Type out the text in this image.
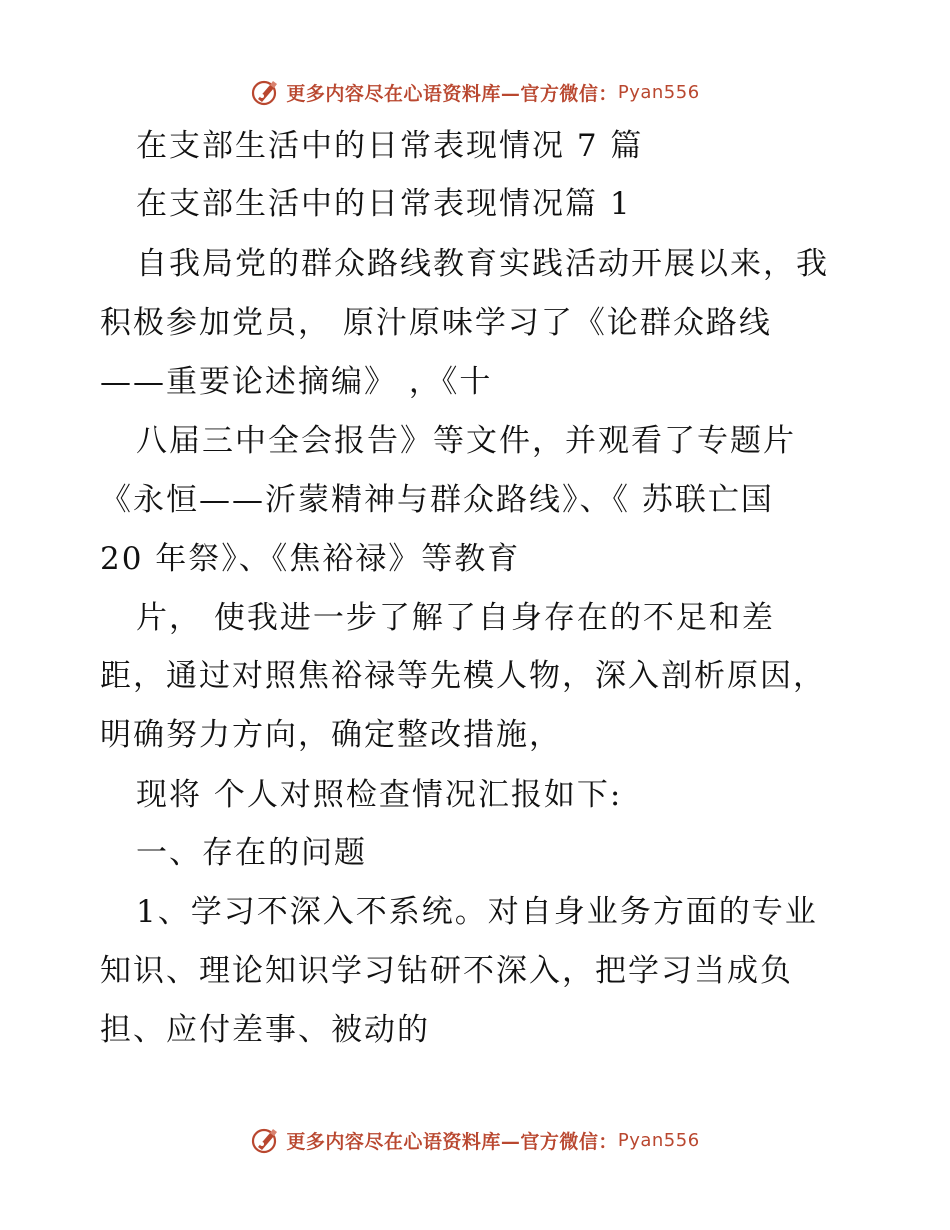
更多内容尽在心语资料库—官方微信： Pyan556
在支部生活中的日常表现情况 7 篇
在支部生活中的日常表现情况篇 1
自我局党的群众路线教育实践活动开展以来，我
积极参加党员， 原汁原味学习了《论群众路线
——重要论述摘编》 ，《十
八届三中全会报告》等文件，并观看了专题片
《永恒——沂蒙精神与群众路线》、《 苏联亡国
20 年祭》、《焦裕禄》等教育
片， 使我进一步了解了自身存在的不足和差
距，通过对照焦裕禄等先模人物，深入剖析原因，
明确努力方向，确定整改措施，
现将 个人对照检查情况汇报如下:
一、存在的问题
1、学习不深入不系统。对自身业务方面的专业
知识、理论知识学习钻研不深入，把学习当成负
担、应付差事、被动的
更多内容尽在心语资料库—官方微信： Pyan556
